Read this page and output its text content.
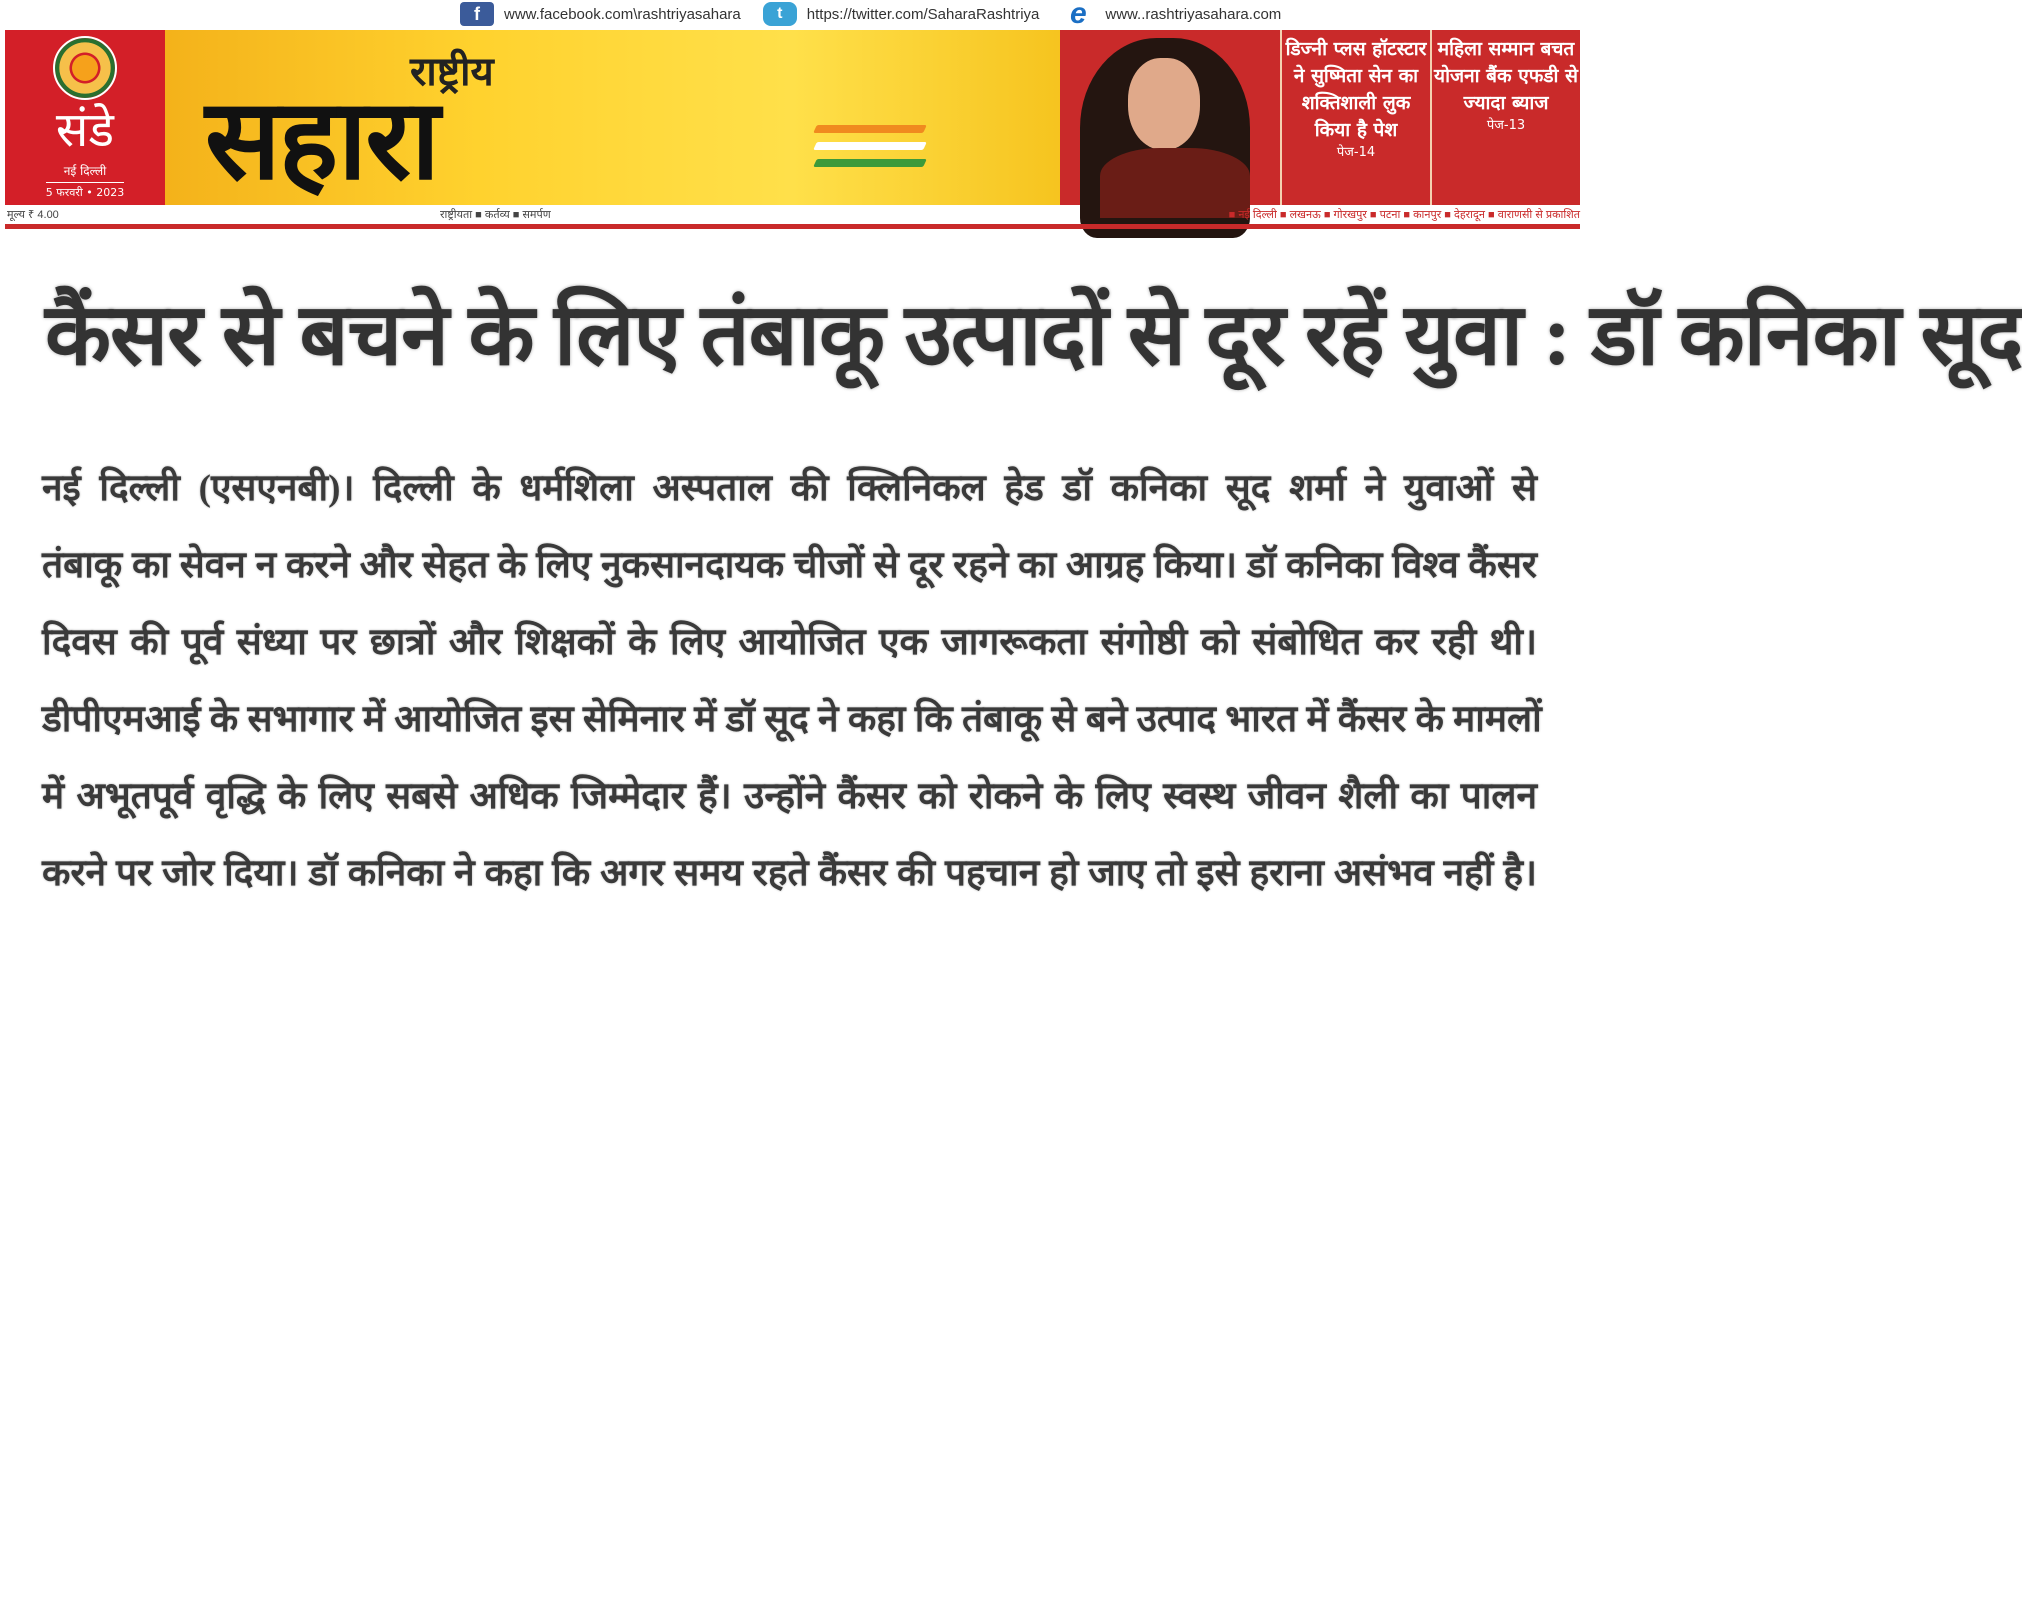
f	www.facebook.com\rashtriyasahara	t	https://twitter.com/SaharaRashtriya e	www..rashtriyasahara.com
संडे
नई दिल्ली
5 फरवरी • 2023
राष्ट्रीय
सहारा
डिज्नी प्लस हॉटस्टार ने सुष्मिता सेन का शक्तिशाली लुक किया है पेश
पेज-14
महिला सम्मान बचत योजना बैंक एफडी से ज्यादा ब्याज
पेज-13
मूल्य ₹ 4.00	राष्ट्रीयता ■ कर्तव्य ■ समर्पण	■ नई दिल्ली ■ लखनऊ ■ गोरखपुर ■ पटना ■ कानपुर ■ देहरादून ■ वाराणसी से प्रकाशित
कैंसर से बचने के लिए तंबाकू उत्पादों से दूर रहें युवा : डॉ कनिका सूद
नई दिल्ली (एसएनबी)। दिल्ली के धर्मशिला अस्पताल की क्लिनिकल हेड डॉ कनिका सूद शर्मा ने युवाओं से
तंबाकू का सेवन न करने और सेहत के लिए नुकसानदायक चीजों से दूर रहने का आग्रह किया। डॉ कनिका विश्व कैंसर
दिवस की पूर्व संध्या पर छात्रों और शिक्षकों के लिए आयोजित एक जागरूकता संगोष्ठी को संबोधित कर रही थी।
डीपीएमआई के सभागार में आयोजित इस सेमिनार में डॉ सूद ने कहा कि तंबाकू से बने उत्पाद भारत में कैंसर के मामलों
में अभूतपूर्व वृद्धि के लिए सबसे अधिक जिम्मेदार हैं। उन्होंने कैंसर को रोकने के लिए स्वस्थ जीवन शैली का पालन
करने पर जोर दिया। डॉ कनिका ने कहा कि अगर समय रहते कैंसर की पहचान हो जाए तो इसे हराना असंभव नहीं है।
